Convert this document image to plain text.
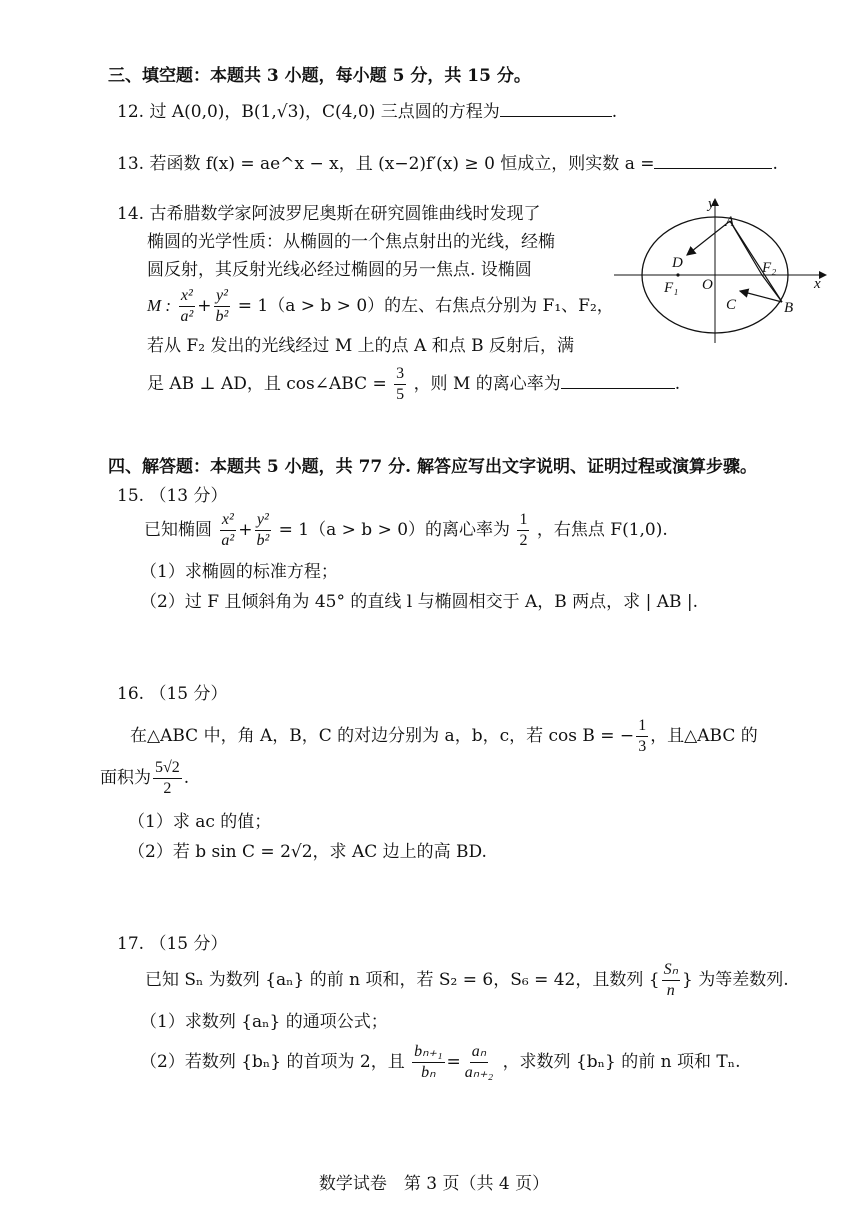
三、填空题：本题共 3 小题，每小题 5 分，共 15 分。
12. 过 A(0,0)，B(1,√3)，C(4,0) 三点圆的方程为	.
13. 若函数 f(x) = ae^x − x，且 (x−2)f′(x) ≥ 0 恒成立，则实数 a =	.
14. 古希腊数学家阿波罗尼奥斯在研究圆锥曲线时发现了
椭圆的光学性质：从椭圆的一个焦点射出的光线，经椭
圆反射，其反射光线必经过椭圆的另一焦点. 设椭圆
M : $\frac{\text{x²}}{\text{a²}} + \frac{\text{y²}}{\text{b²}} = 1(a > b > 0)$的左、右焦点分别为 F₁、F₂，
若从 F₂ 发出的光线经过 M 上的点 A 和点 B 反射后，满
足 AB ⊥ AD，且 cos∠ABC = $\frac{3}{5}$ ，则 M 的离心率为	.
y
x
A
B
C
D
F₁
F₂
O
四、解答题：本题共 5 小题，共 77 分. 解答应写出文字说明、证明过程或演算步骤。
15. （13 分）
已知椭圆 $\frac{\text{x²}}{\text{a²}} + \frac{\text{y²}}{\text{b²}} = 1(a > b > 0)$的离心率为 $\frac{1}{2}$ ，右焦点 F(1,0).
（1）求椭圆的标准方程；
（2）过 F 且倾斜角为 45° 的直线 l 与椭圆相交于 A，B 两点，求 | AB |.
16. （15 分）
在△ABC 中，角 A，B，C 的对边分别为 a，b，c，若 cos B = − $\frac{1}{3}$ ，且△ABC 的
面积为 $\frac{5√2}{2}$ .
（1）求 ac 的值；
（2）若 b sin C = 2√2，求 AC 边上的高 BD.
17. （15 分）
已知 Sₙ 为数列 {aₙ} 的前 n 项和，若 S₂ = 6，S₆ = 42，且数列 { $\frac{\text{Sₙ}}{n}$ } 为等差数列.
（1）求数列 {aₙ} 的通项公式；
（2）若数列 {bₙ} 的首项为 2，且 $\frac{\text{bₙ₊₁}}{\text{bₙ}} = \frac{\text{aₙ}}{\text{aₙ₊₂}}$ ，求数列 {bₙ} 的前 n 项和 Tₙ.
数学试卷　第 3 页（共 4 页）
